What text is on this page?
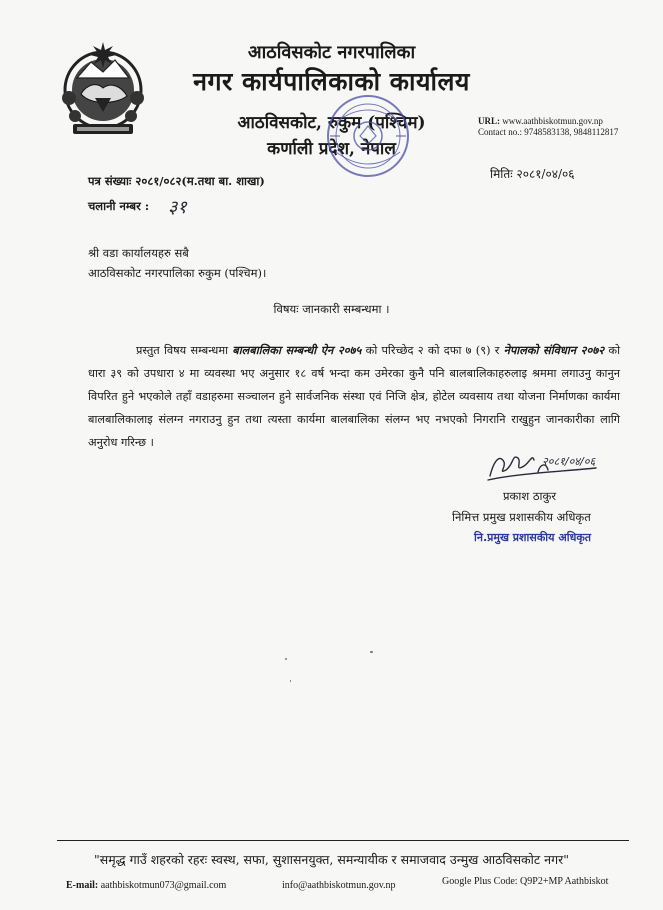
आठविसकोट नगरपालिका
नगर कार्यपालिकाको कार्यालय
आठविसकोट, रुकुम (पश्चिम)
कर्णाली प्रदेश, नेपाल
URL: www.aathbiskotmun.gov.np
Contact no.: 9748583138, 9848112817
मितिः २०८१/०४/०६
पत्र संख्याः २०८१/०८२(म.तथा बा. शाखा)
चलानी नम्बर : ३१
श्री वडा कार्यालयहरु सबै
आठविसकोट नगरपालिका रुकुम (पश्चिम)।
विषयः जानकारी सम्बन्धमा ।

प्रस्तुत विषय सम्बन्धमा बालबालिका सम्बन्धी ऐन २०७५ को परिच्छेद २ को दफा ७ (९) र नेपालको संविधान २०७२ को धारा ३९ को उपधारा ४ मा व्यवस्था भए अनुसार १८ वर्ष भन्दा कम उमेरका कुनै पनि बालबालिकाहरुलाइ श्रममा लगाउनु कानुन विपरित हुने भएकोले तहाँ वडाहरुमा सञ्चालन हुने सार्वजनिक संस्था एवं निजि क्षेत्र, होटेल व्यवसाय तथा योजना निर्माणका कार्यमा बालबालिकालाइ संलग्न नगराउनु हुन तथा त्यस्ता कार्यमा बालबालिका संलग्न भए नभएको निगरानि राखुहुन जानकारीका लागि अनुरोध गरिन्छ ।

२०८१/०४/०६
प्रकाश ठाकुर
निमित्त प्रमुख प्रशासकीय अधिकृत
नि.प्रमुख प्रशासकीय अधिकृत
"समृद्ध गाउँ शहरको रहरः स्वस्थ, सफा, सुशासनयुक्त, समन्यायीक र समाजवाद उन्मुख आठविसकोट नगर"
E-mail: aathbiskotmun073@gmail.com	info@aathbiskotmun.gov.np	Google Plus Code: Q9P2+MP Aathbiskot
